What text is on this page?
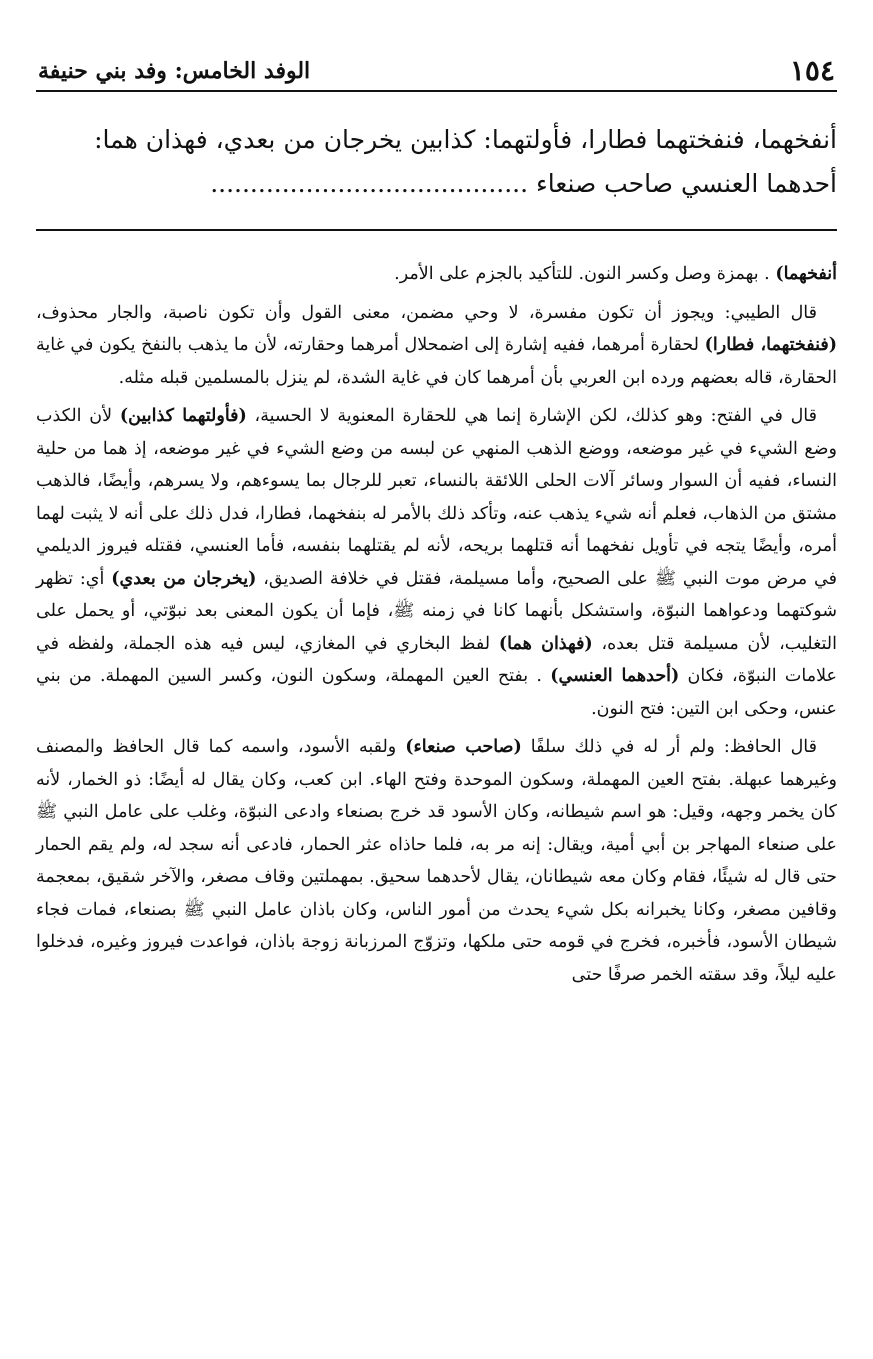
١٥٤
الوفد الخامس: وفد بني حنيفة

أنفخهما، فنفختهما فطارا، فأولتهما: كذابين يخرجان من بعدي، فهذان هما:

أحدهما العنسي صاحب صنعاء ........................................

أنفخهما) . بهمزة وصل وكسر النون. للتأكيد بالجزم على الأمر.

قال الطيبي: ويجوز أن تكون مفسرة، لا وحي مضمن، معنى القول وأن تكون ناصبة، والجار محذوف، (فنفختهما، فطارا) لحقارة أمرهما، ففيه إشارة إلى اضمحلال أمرهما وحقارته، لأن ما يذهب بالنفخ يكون في غاية الحقارة، قاله بعضهم ورده ابن العربي بأن أمرهما كان في غاية الشدة، لم ينزل بالمسلمين قبله مثله.

قال في الفتح: وهو كذلك، لكن الإشارة إنما هي للحقارة المعنوية لا الحسية، (فأولتهما كذابين) لأن الكذب وضع الشيء في غير موضعه، ووضع الذهب المنهي عن لبسه من وضع الشيء في غير موضعه، إذ هما من حلية النساء، ففيه أن السوار وسائر آلات الحلى اللائقة بالنساء، تعبر للرجال بما يسوءهم، ولا يسرهم، وأيضًا، فالذهب مشتق من الذهاب، فعلم أنه شيء يذهب عنه، وتأكد ذلك بالأمر له بنفخهما، فطارا، فدل ذلك على أنه لا يثبت لهما أمره، وأيضًا يتجه في تأويل نفخهما أنه قتلهما بريحه، لأنه لم يقتلهما بنفسه، فأما العنسي، فقتله فيروز الديلمي في مرض موت النبي ﷺ على الصحيح، وأما مسيلمة، فقتل في خلافة الصديق، (يخرجان من بعدي) أي: تظهر شوكتهما ودعواهما النبوّة، واستشكل بأنهما كانا في زمنه ﷺ، فإما أن يكون المعنى بعد نبوّتي، أو يحمل على التغليب، لأن مسيلمة قتل بعده، (فهذان هما) لفظ البخاري في المغازي، ليس فيه هذه الجملة، ولفظه في علامات النبوّة، فكان (أحدهما العنسي) . بفتح العين المهملة، وسكون النون، وكسر السين المهملة. من بني عنس، وحكى ابن التين: فتح النون.

قال الحافظ: ولم أر له في ذلك سلفًا (صاحب صنعاء) ولقبه الأسود، واسمه كما قال الحافظ والمصنف وغيرهما عبهلة. بفتح العين المهملة، وسكون الموحدة وفتح الهاء. ابن كعب، وكان يقال له أيضًا: ذو الخمار، لأنه كان يخمر وجهه، وقيل: هو اسم شيطانه، وكان الأسود قد خرج بصنعاء وادعى النبوّة، وغلب على عامل النبي ﷺ على صنعاء المهاجر بن أبي أمية، ويقال: إنه مر به، فلما حاذاه عثر الحمار، فادعى أنه سجد له، ولم يقم الحمار حتى قال له شيئًا، فقام وكان معه شيطانان، يقال لأحدهما سحيق. بمهملتين وقاف مصغر، والآخر شقيق، بمعجمة وقافين مصغر، وكانا يخبرانه بكل شيء يحدث من أمور الناس، وكان باذان عامل النبي ﷺ بصنعاء، فمات فجاء شيطان الأسود، فأخبره، فخرج في قومه حتى ملكها، وتزوّج المرزبانة زوجة باذان، فواعدت فيروز وغيره، فدخلوا عليه ليلاً، وقد سقته الخمر صرفًا حتى
